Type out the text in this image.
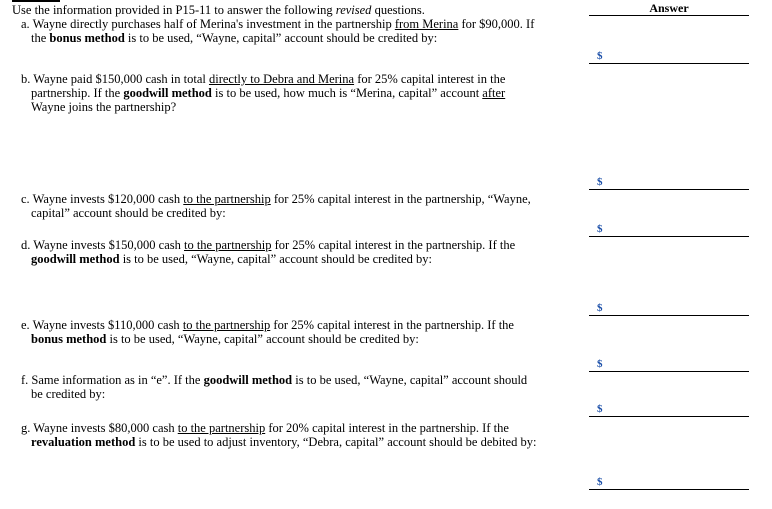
Use the information provided in P15-11 to answer the following revised questions.	Answer
a. Wayne directly purchases half of Merina's investment in the partnership from Merina for $90,000. If
the bonus method is to be used, “Wayne, capital” account should be credited by:
$
b. Wayne paid $150,000 cash in total directly to Debra and Merina for 25% capital interest in the
partnership. If the goodwill method is to be used, how much is “Merina, capital” account after
Wayne joins the partnership?
$
c. Wayne invests $120,000 cash to the partnership for 25% capital interest in the partnership, “Wayne,
capital” account should be credited by:
$
d. Wayne invests $150,000 cash to the partnership for 25% capital interest in the partnership. If the
goodwill method is to be used, “Wayne, capital” account should be credited by:
$
e. Wayne invests $110,000 cash to the partnership for 25% capital interest in the partnership. If the
bonus method is to be used, “Wayne, capital” account should be credited by:
$
f. Same information as in “e”. If the goodwill method is to be used, “Wayne, capital” account should
be credited by:
$
g. Wayne invests $80,000 cash to the partnership for 20% capital interest in the partnership. If the
revaluation method is to be used to adjust inventory, “Debra, capital” account should be debited by:
$
